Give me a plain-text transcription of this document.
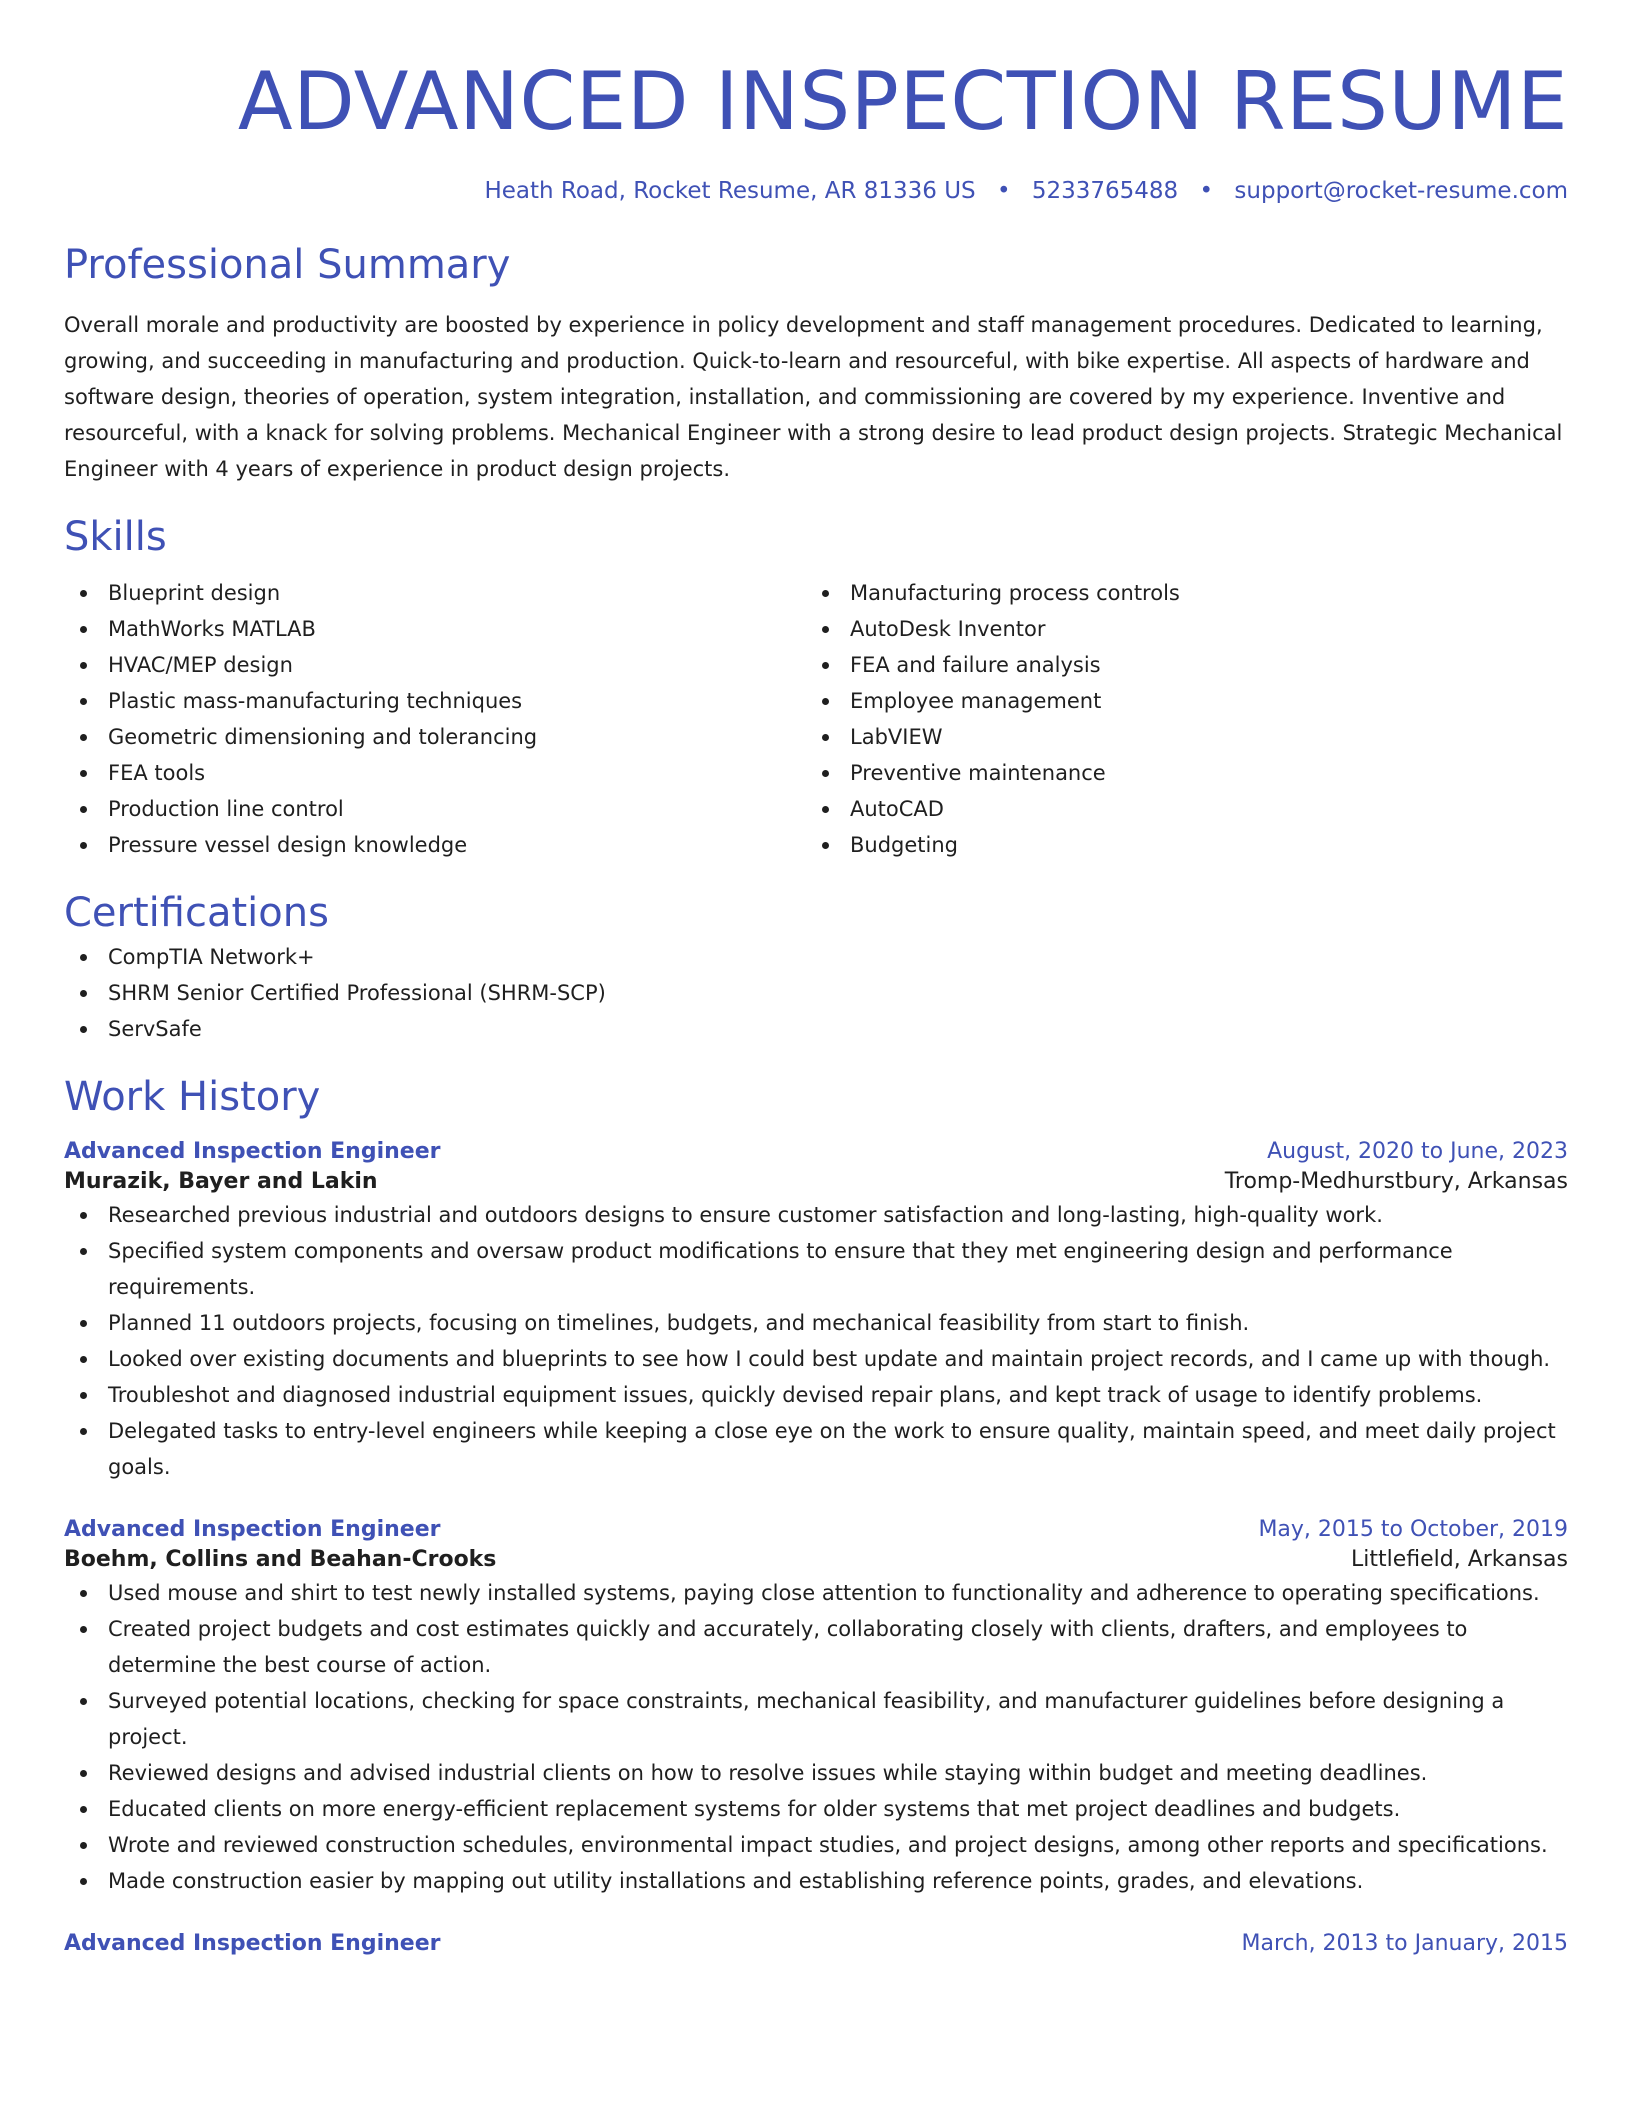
ADVANCED INSPECTION RESUME
Heath Road, Rocket Resume, AR 81336 US • 5233765488 • support@rocket-resume.com
Professional Summary
Overall morale and productivity are boosted by experience in policy development and staff management procedures. Dedicated to learning, growing, and succeeding in manufacturing and production. Quick-to-learn and resourceful, with bike expertise. All aspects of hardware and software design, theories of operation, system integration, installation, and commissioning are covered by my experience. Inventive and resourceful, with a knack for solving problems. Mechanical Engineer with a strong desire to lead product design projects. Strategic Mechanical Engineer with 4 years of experience in product design projects.
Skills
Blueprint design
MathWorks MATLAB
HVAC/MEP design
Plastic mass-manufacturing techniques
Geometric dimensioning and tolerancing
FEA tools
Production line control
Pressure vessel design knowledge
Manufacturing process controls
AutoDesk Inventor
FEA and failure analysis
Employee management
LabVIEW
Preventive maintenance
AutoCAD
Budgeting
Certifications
CompTIA Network+
SHRM Senior Certified Professional (SHRM-SCP)
ServSafe
Work History
Advanced Inspection Engineer	August, 2020 to June, 2023
Murazik, Bayer and Lakin	Tromp-Medhurstbury, Arkansas
Researched previous industrial and outdoors designs to ensure customer satisfaction and long-lasting, high-quality work.
Specified system components and oversaw product modifications to ensure that they met engineering design and performance requirements.
Planned 11 outdoors projects, focusing on timelines, budgets, and mechanical feasibility from start to finish.
Looked over existing documents and blueprints to see how I could best update and maintain project records, and I came up with though.
Troubleshot and diagnosed industrial equipment issues, quickly devised repair plans, and kept track of usage to identify problems.
Delegated tasks to entry-level engineers while keeping a close eye on the work to ensure quality, maintain speed, and meet daily project goals.
Advanced Inspection Engineer	May, 2015 to October, 2019
Boehm, Collins and Beahan-Crooks	Littlefield, Arkansas
Used mouse and shirt to test newly installed systems, paying close attention to functionality and adherence to operating specifications.
Created project budgets and cost estimates quickly and accurately, collaborating closely with clients, drafters, and employees to determine the best course of action.
Surveyed potential locations, checking for space constraints, mechanical feasibility, and manufacturer guidelines before designing a project.
Reviewed designs and advised industrial clients on how to resolve issues while staying within budget and meeting deadlines.
Educated clients on more energy-efficient replacement systems for older systems that met project deadlines and budgets.
Wrote and reviewed construction schedules, environmental impact studies, and project designs, among other reports and specifications.
Made construction easier by mapping out utility installations and establishing reference points, grades, and elevations.
Advanced Inspection Engineer	March, 2013 to January, 2015
